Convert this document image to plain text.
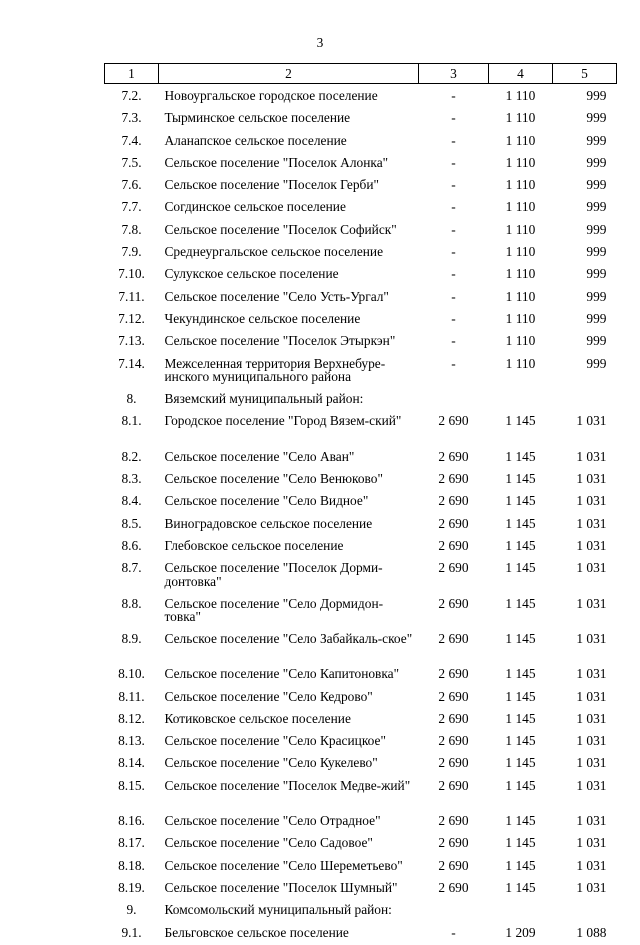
3
1	2	3	4	5
7.2.	Новоургальское городское поселение	-	1 110	999
7.3.	Тырминское сельское поселение	-	1 110	999
7.4.	Аланапское сельское поселение	-	1 110	999
7.5.	Сельское поселение "Поселок Алонка"	-	1 110	999
7.6.	Сельское поселение "Поселок Герби"	-	1 110	999
7.7.	Согдинское сельское поселение	-	1 110	999
7.8.	Сельское поселение "Поселок Софийск"	-	1 110	999
7.9.	Среднеургальское сельское поселение	-	1 110	999
7.10.	Сулукское сельское поселение	-	1 110	999
7.11.	Сельское поселение "Село Усть-Ургал"	-	1 110	999
7.12.	Чекундинское сельское поселение	-	1 110	999
7.13.	Сельское поселение "Поселок Этыркэн"	-	1 110	999
7.14.	Межселенная территория Верхнебуре-инского муниципального района	-	1 110	999
8.	Вяземский муниципальный район:			
8.1.	Городское поселение "Город Вязем-ский"	2 690	1 145	1 031
8.2.	Сельское поселение "Село Аван"	2 690	1 145	1 031
8.3.	Сельское поселение "Село Венюково"	2 690	1 145	1 031
8.4.	Сельское поселение "Село Видное"	2 690	1 145	1 031
8.5.	Виноградовское сельское поселение	2 690	1 145	1 031
8.6.	Глебовское сельское поселение	2 690	1 145	1 031
8.7.	Сельское поселение "Поселок Дорми-донтовка"	2 690	1 145	1 031
8.8.	Сельское поселение "Село Дормидон-товка"	2 690	1 145	1 031
8.9.	Сельское поселение "Село Забайкаль-ское"	2 690	1 145	1 031
8.10.	Сельское поселение "Село Капитоновка"	2 690	1 145	1 031
8.11.	Сельское поселение "Село Кедрово"	2 690	1 145	1 031
8.12.	Котиковское сельское поселение	2 690	1 145	1 031
8.13.	Сельское поселение "Село Красицкое"	2 690	1 145	1 031
8.14.	Сельское поселение "Село Кукелево"	2 690	1 145	1 031
8.15.	Сельское поселение "Поселок Медве-жий"	2 690	1 145	1 031
8.16.	Сельское поселение "Село Отрадное"	2 690	1 145	1 031
8.17.	Сельское поселение "Село Садовое"	2 690	1 145	1 031
8.18.	Сельское поселение "Село Шереметьево"	2 690	1 145	1 031
8.19.	Сельское поселение "Поселок Шумный"	2 690	1 145	1 031
9.	Комсомольский муниципальный район:			
9.1.	Бельговское сельское поселение	-	1 209	1 088
